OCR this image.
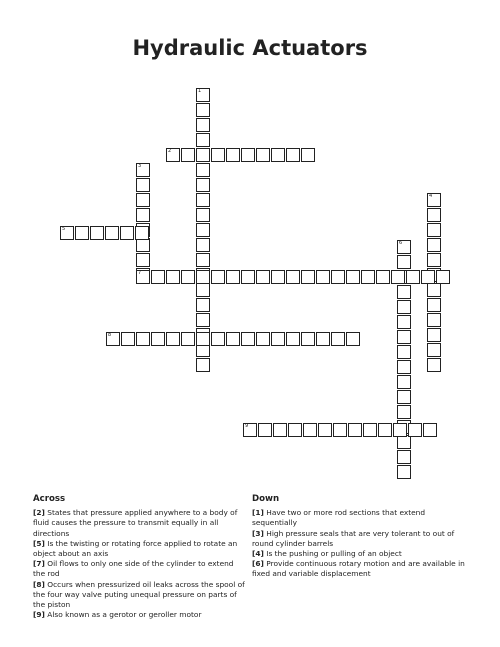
Hydraulic Actuators
1
2
3
4
5
6
7
8
9
Across

[2] States that pressure applied anywhere to a body of fluid causes the pressure to transmit equally in all directions

[5] Is the twisting or rotating force applied to rotate an object about an axis

[7] Oil flows to only one side of the cylinder to extend the rod

[8] Occurs when pressurized oil leaks across the spool of the four way valve puting unequal pressure on parts of the piston

[9] Also known as a gerotor or geroller motor

Down

[1] Have two or more rod sections that extend sequentially

[3] High pressure seals that are very tolerant to out of round cylinder barrels

[4] Is the pushing or pulling of an object

[6] Provide continuous rotary motion and are available in fixed and variable displacement
